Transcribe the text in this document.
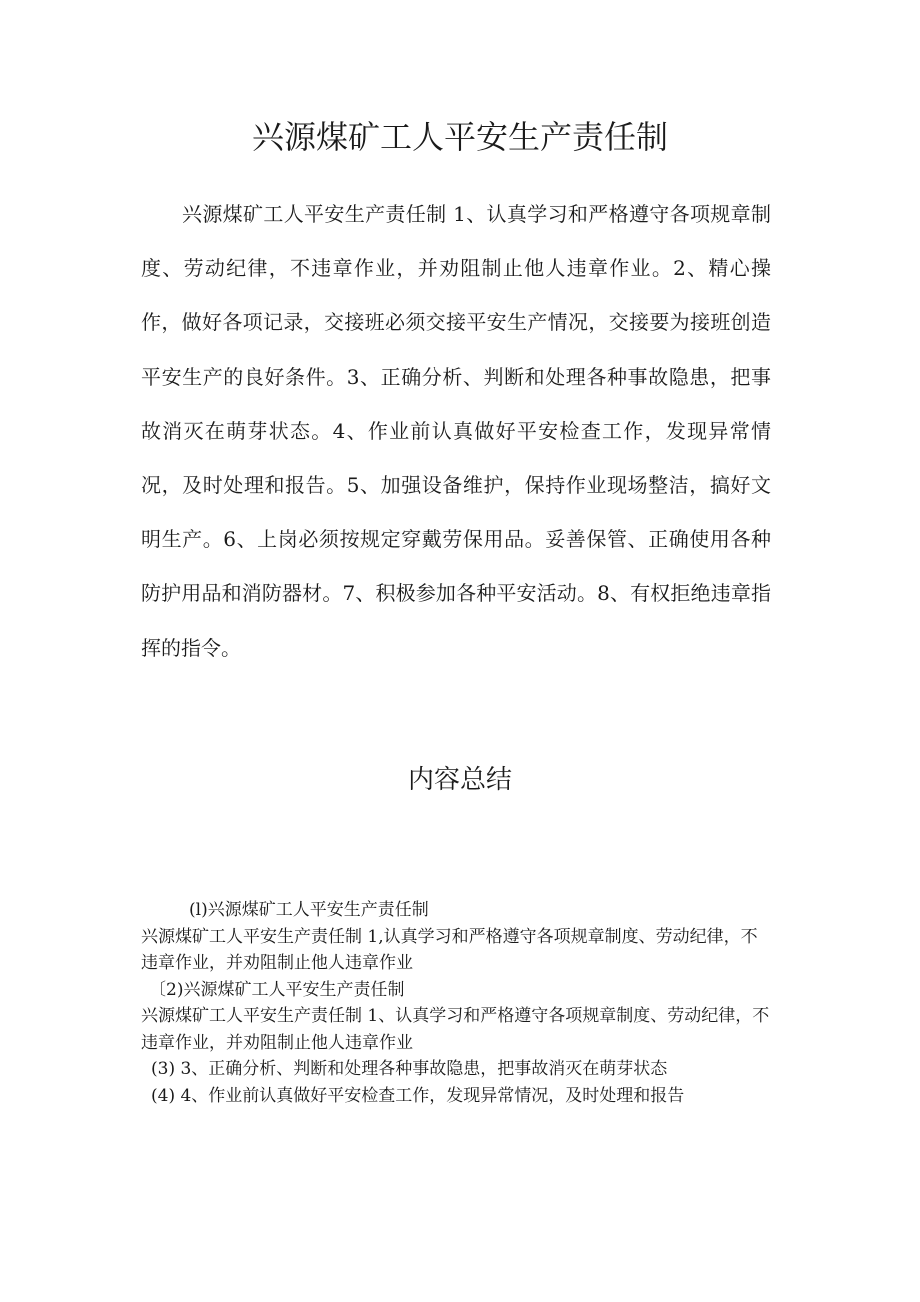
兴源煤矿工人平安生产责任制

兴源煤矿工人平安生产责任制 1、认真学习和严格遵守各项规章制度、劳动纪律，不违章作业，并劝阻制止他人违章作业。2、精心操作，做好各项记录，交接班必须交接平安生产情况，交接要为接班创造平安生产的良好条件。3、正确分析、判断和处理各种事故隐患，把事故消灭在萌芽状态。4、作业前认真做好平安检查工作，发现异常情况，及时处理和报告。5、加强设备维护，保持作业现场整洁，搞好文明生产。6、上岗必须按规定穿戴劳保用品。妥善保管、正确使用各种防护用品和消防器材。7、积极参加各种平安活动。8、有权拒绝违章指挥的指令。

内容总结
(l)兴源煤矿工人平安生产责任制
兴源煤矿工人平安生产责任制 1,认真学习和严格遵守各项规章制度、劳动纪律，不违章作业，并劝阻制止他人违章作业
〔2)兴源煤矿工人平安生产责任制
兴源煤矿工人平安生产责任制 1、认真学习和严格遵守各项规章制度、劳动纪律，不违章作业，并劝阻制止他人违章作业
(3) 3、正确分析、判断和处理各种事故隐患，把事故消灭在萌芽状态
(4) 4、作业前认真做好平安检查工作，发现异常情况，及时处理和报告
